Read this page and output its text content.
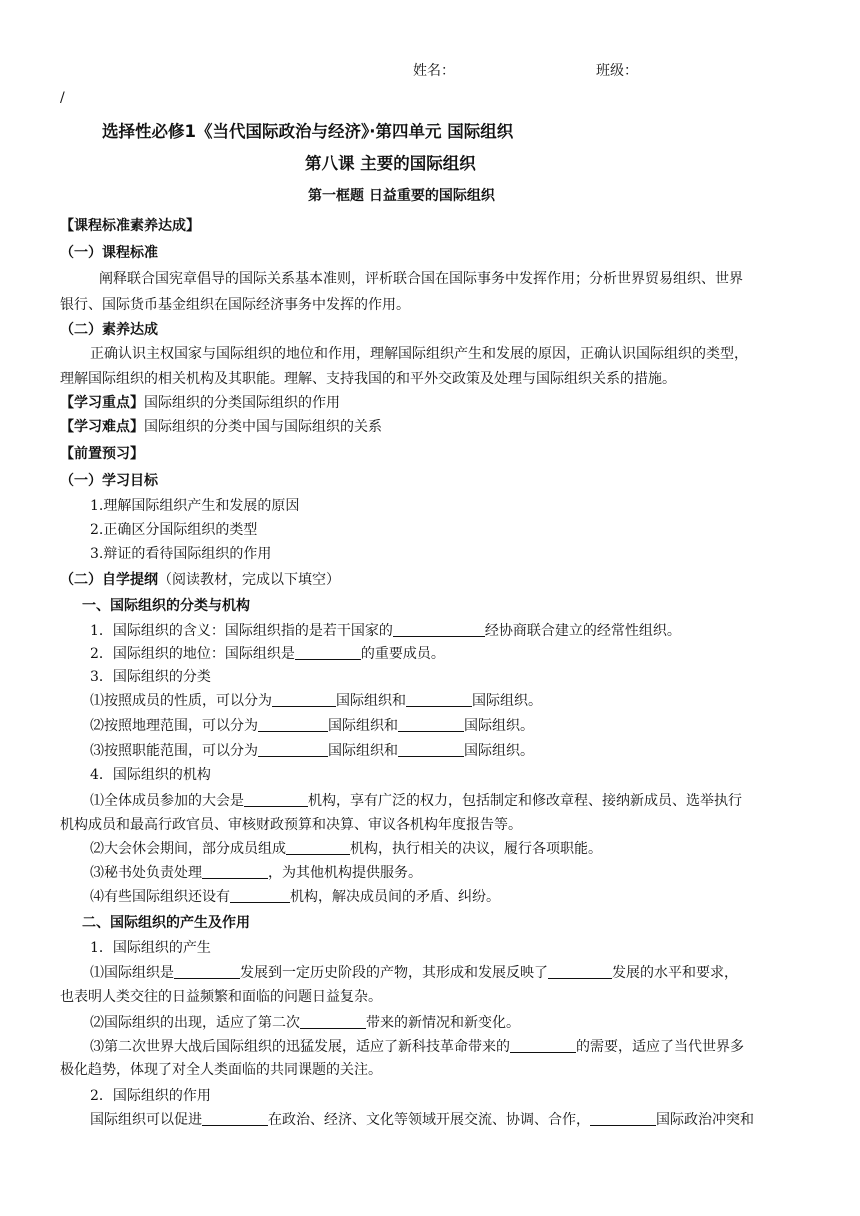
姓名：	班级：
/
选择性必修1《当代国际政治与经济》·第四单元 国际组织
第八课 主要的国际组织
第一框题 日益重要的国际组织
【课程标准素养达成】
（一）课程标准
阐释联合国宪章倡导的国际关系基本准则，评析联合国在国际事务中发挥作用；分析世界贸易组织、世界
银行、国际货币基金组织在国际经济事务中发挥的作用。
（二）素养达成
正确认识主权国家与国际组织的地位和作用，理解国际组织产生和发展的原因，正确认识国际组织的类型，
理解国际组织的相关机构及其职能。理解、支持我国的和平外交政策及处理与国际组织关系的措施。
【学习重点】国际组织的分类国际组织的作用
【学习难点】国际组织的分类中国与国际组织的关系
【前置预习】
（一）学习目标
1.理解国际组织产生和发展的原因
2.正确区分国际组织的类型
3.辩证的看待国际组织的作用
（二）自学提纲（阅读教材，完成以下填空）
一、国际组织的分类与机构
1．国际组织的含义：国际组织指的是若干国家的	经协商联合建立的经常性组织。
2．国际组织的地位：国际组织是	的重要成员。
3．国际组织的分类
⑴按照成员的性质，可以分为	国际组织和	国际组织。
⑵按照地理范围，可以分为	国际组织和	国际组织。
⑶按照职能范围，可以分为	国际组织和	国际组织。
4．国际组织的机构
⑴全体成员参加的大会是	机构，享有广泛的权力，包括制定和修改章程、接纳新成员、选举执行
机构成员和最高行政官员、审核财政预算和决算、审议各机构年度报告等。
⑵大会休会期间，部分成员组成	机构，执行相关的决议，履行各项职能。
⑶秘书处负责处理	，为其他机构提供服务。
⑷有些国际组织还设有	机构，解决成员间的矛盾、纠纷。
二、国际组织的产生及作用
1．国际组织的产生
⑴国际组织是	发展到一定历史阶段的产物，其形成和发展反映了	发展的水平和要求，
也表明人类交往的日益频繁和面临的问题日益复杂。
⑵国际组织的出现，适应了第二次	带来的新情况和新变化。
⑶第二次世界大战后国际组织的迅猛发展，适应了新科技革命带来的	的需要，适应了当代世界多
极化趋势，体现了对全人类面临的共同课题的关注。
2．国际组织的作用
国际组织可以促进	在政治、经济、文化等领域开展交流、协调、合作，	国际政治冲突和
